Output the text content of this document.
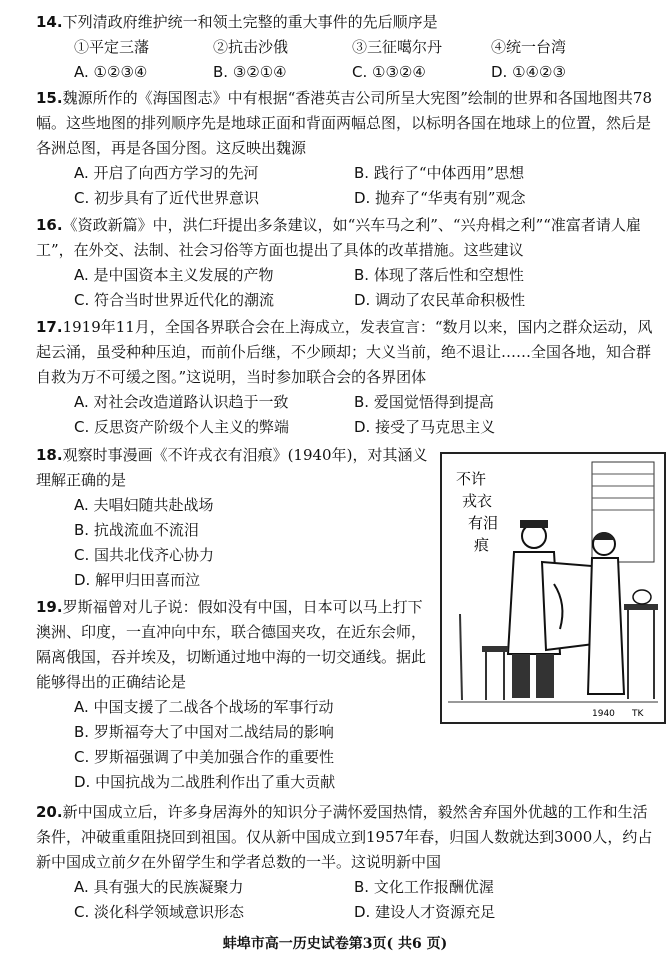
14.下列清政府维护统一和领土完整的重大事件的先后顺序是

①平定三藩	②抗击沙俄	③三征噶尔丹	④统一台湾

A. ①②③④	B. ③②①④	C. ①③②④	D. ①④②③

15.魏源所作的《海国图志》中有根据“香港英吉公司所呈大宪图”绘制的世界和各国地图共78幅。这些地图的排列顺序先是地球正面和背面两幅总图，以标明各国在地球上的位置，然后是各洲总图，再是各国分图。这反映出魏源

A. 开启了向西方学习的先河	B. 践行了“中体西用”思想

C. 初步具有了近代世界意识	D. 抛弃了“华夷有别”观念

16.《资政新篇》中，洪仁玕提出多条建议，如“兴车马之利”、“兴舟楫之利”“准富者请人雇工”，在外交、法制、社会习俗等方面也提出了具体的改革措施。这些建议

A. 是中国资本主义发展的产物	B. 体现了落后性和空想性

C. 符合当时世界近代化的潮流	D. 调动了农民革命积极性

17.1919年11月，全国各界联合会在上海成立，发表宣言：“数月以来，国内之群众运动，风起云涌，虽受种种压迫，而前仆后继，不少顾却；大义当前，绝不退让……全国各地，知合群自救为万不可缓之图。”这说明，当时参加联合会的各界团体

A. 对社会改造道路认识趋于一致	B. 爱国觉悟得到提高

C. 反思资产阶级个人主义的弊端	D. 接受了马克思主义

18.观察时事漫画《不许戎衣有泪痕》(1940年)，对其涵义理解正确的是

A. 夫唱妇随共赴战场

B. 抗战流血不流泪

C. 国共北伐齐心协力

D. 解甲归田喜而泣

19.罗斯福曾对儿子说：假如没有中国，日本可以马上打下澳洲、印度，一直冲向中东，联合德国夹攻，在近东会师，隔离俄国，吞并埃及，切断通过地中海的一切交通线。据此能够得出的正确结论是

A. 中国支援了二战各个战场的军事行动

B. 罗斯福夸大了中国对二战结局的影响

C. 罗斯福强调了中美加强合作的重要性

D. 中国抗战为二战胜利作出了重大贡献

20.新中国成立后，许多身居海外的知识分子满怀爱国热情，毅然舍弃国外优越的工作和生活条件，冲破重重阻挠回到祖国。仅从新中国成立到1957年春，归国人数就达到3000人，约占新中国成立前夕在外留学生和学者总数的一半。这说明新中国

A. 具有强大的民族凝聚力	B. 文化工作报酬优渥

C. 淡化科学领域意识形态	D. 建设人才资源充足

不许
戎衣
有泪
痕
1940 TK
蚌埠市高一历史试卷第3页( 共6 页)
